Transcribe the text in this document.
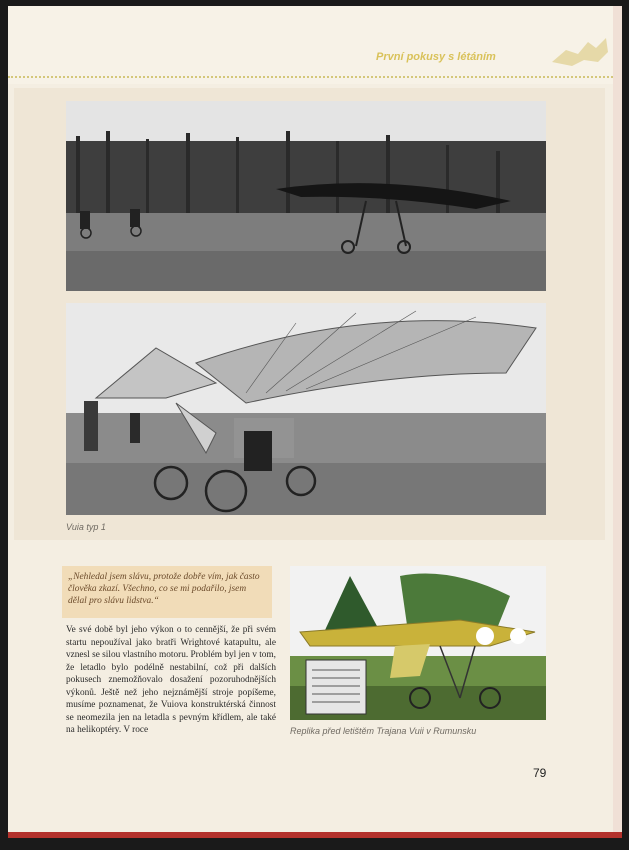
První pokusy s létáním
Vuia typ 1
„Nehledal jsem slávu, protože dobře vím, jak často člověka zkazí. Všechno, co se mi podařilo, jsem dělal pro slávu lidstva.“
Ve své době byl jeho výkon o to cennější, že při svém startu nepoužíval jako bratři Wrightové katapultu, ale vznesl se silou vlastního motoru. Problém byl jen v tom, že letadlo bylo podélně nestabilní, což při dalších pokusech znemožňovalo dosažení pozoruhodnějších výkonů. Ještě než jeho nejznámější stroje popíšeme, musíme poznamenat, že Vuiova konstruktérská činnost se neomezila jen na letadla s pevným křídlem, ale také na helikoptéry. V roce	Replika před letištěm Trajana Vuii v Rumunsku
79
